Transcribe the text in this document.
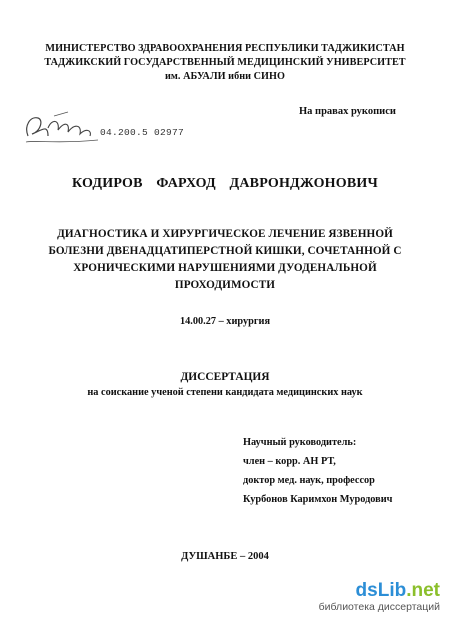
МИНИСТЕРСТВО ЗДРАВООХРАНЕНИЯ РЕСПУБЛИКИ ТАДЖИКИСТАН
ТАДЖИКСКИЙ ГОСУДАРСТВЕННЫЙ МЕДИЦИНСКИЙ УНИВЕРСИТЕТ
им. АБУАЛИ ибни СИНО
На правах рукописи
04.200.5 02977
КОДИРОВ ФАРХОД ДАВРОНДЖОНОВИЧ
ДИАГНОСТИКА И ХИРУРГИЧЕСКОЕ ЛЕЧЕНИЕ ЯЗВЕННОЙ
БОЛЕЗНИ ДВЕНАДЦАТИПЕРСТНОЙ КИШКИ, СОЧЕТАННОЙ С
ХРОНИЧЕСКИМИ НАРУШЕНИЯМИ ДУОДЕНАЛЬНОЙ
ПРОХОДИМОСТИ
14.00.27 – хирургия
ДИССЕРТАЦИЯ
на соискание ученой степени кандидата медицинских наук
Научный руководитель:
член – корр. АН РТ,
доктор мед. наук, профессор
Курбонов Каримхон Муродович
ДУШАНБЕ – 2004
dsLib.net
библиотека диссертаций
